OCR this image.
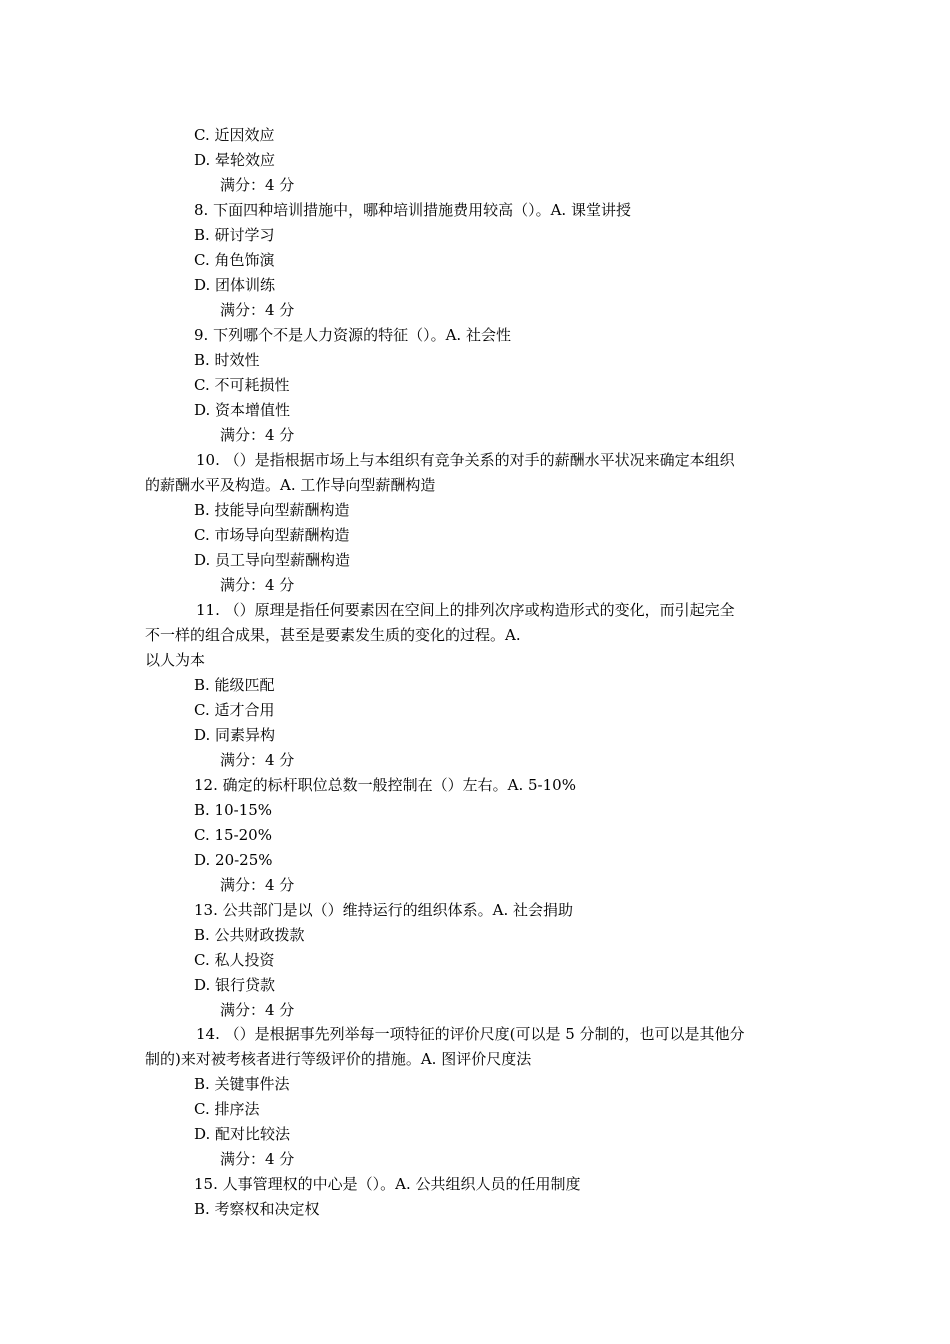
C. 近因效应
D. 晕轮效应
满分：4 分
8. 下面四种培训措施中，哪种培训措施费用较高（）。A. 课堂讲授
B. 研讨学习
C. 角色饰演
D. 团体训练
满分：4 分
9. 下列哪个不是人力资源的特征（）。A. 社会性
B. 时效性
C. 不可耗损性
D. 资本增值性
满分：4 分
10. （）是指根据市场上与本组织有竞争关系的对手的薪酬水平状况来确定本组织
的薪酬水平及构造。A. 工作导向型薪酬构造
B. 技能导向型薪酬构造
C. 市场导向型薪酬构造
D. 员工导向型薪酬构造
满分：4 分
11. （）原理是指任何要素因在空间上的排列次序或构造形式的变化，而引起完全
不一样的组合成果，甚至是要素发生质的变化的过程。A.
以人为本
B. 能级匹配
C. 适才合用
D. 同素异构
满分：4 分
12. 确定的标杆职位总数一般控制在（）左右。A. 5-10%
B. 10-15%
C. 15-20%
D. 20-25%
满分：4 分
13. 公共部门是以（）维持运行的组织体系。A. 社会捐助
B. 公共财政拨款
C. 私人投资
D. 银行贷款
满分：4 分
14. （）是根据事先列举每一项特征的评价尺度(可以是 5 分制的，也可以是其他分
制的)来对被考核者进行等级评价的措施。A. 图评价尺度法
B. 关键事件法
C. 排序法
D. 配对比较法
满分：4 分
15. 人事管理权的中心是（）。A. 公共组织人员的任用制度
B. 考察权和决定权
